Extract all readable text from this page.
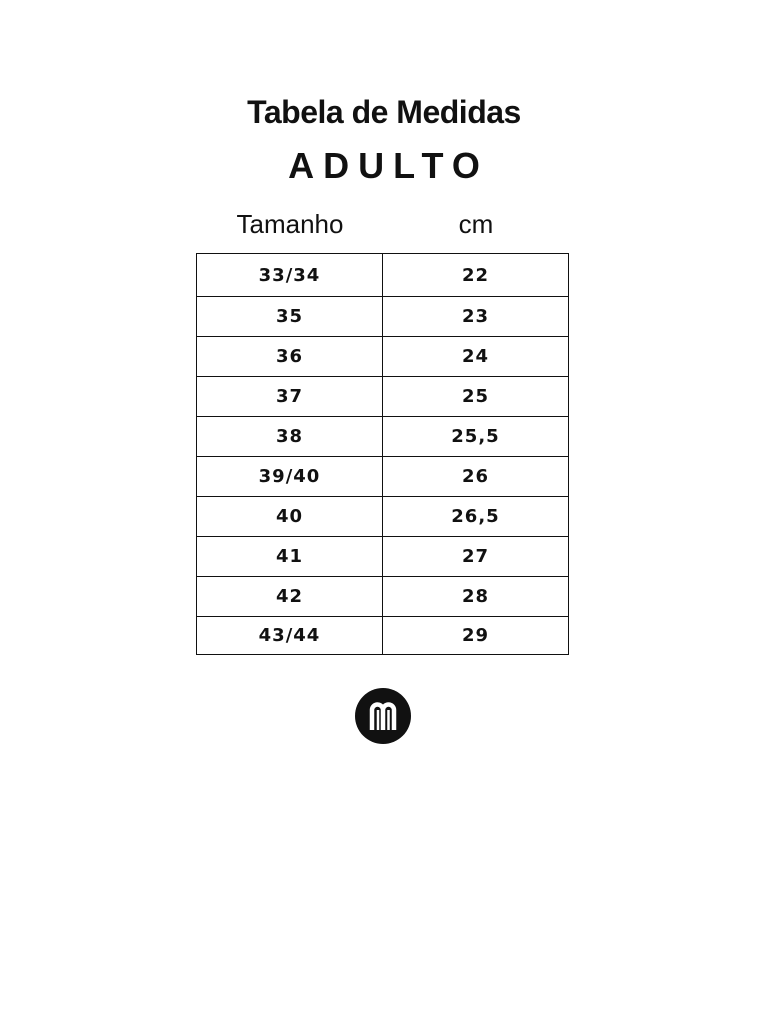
Tabela de Medidas
ADULTO
Tamanho	cm
33/34	22
35	23
36	24
37	25
38	25,5
39/40	26
40	26,5
41	27
42	28
43/44	29
